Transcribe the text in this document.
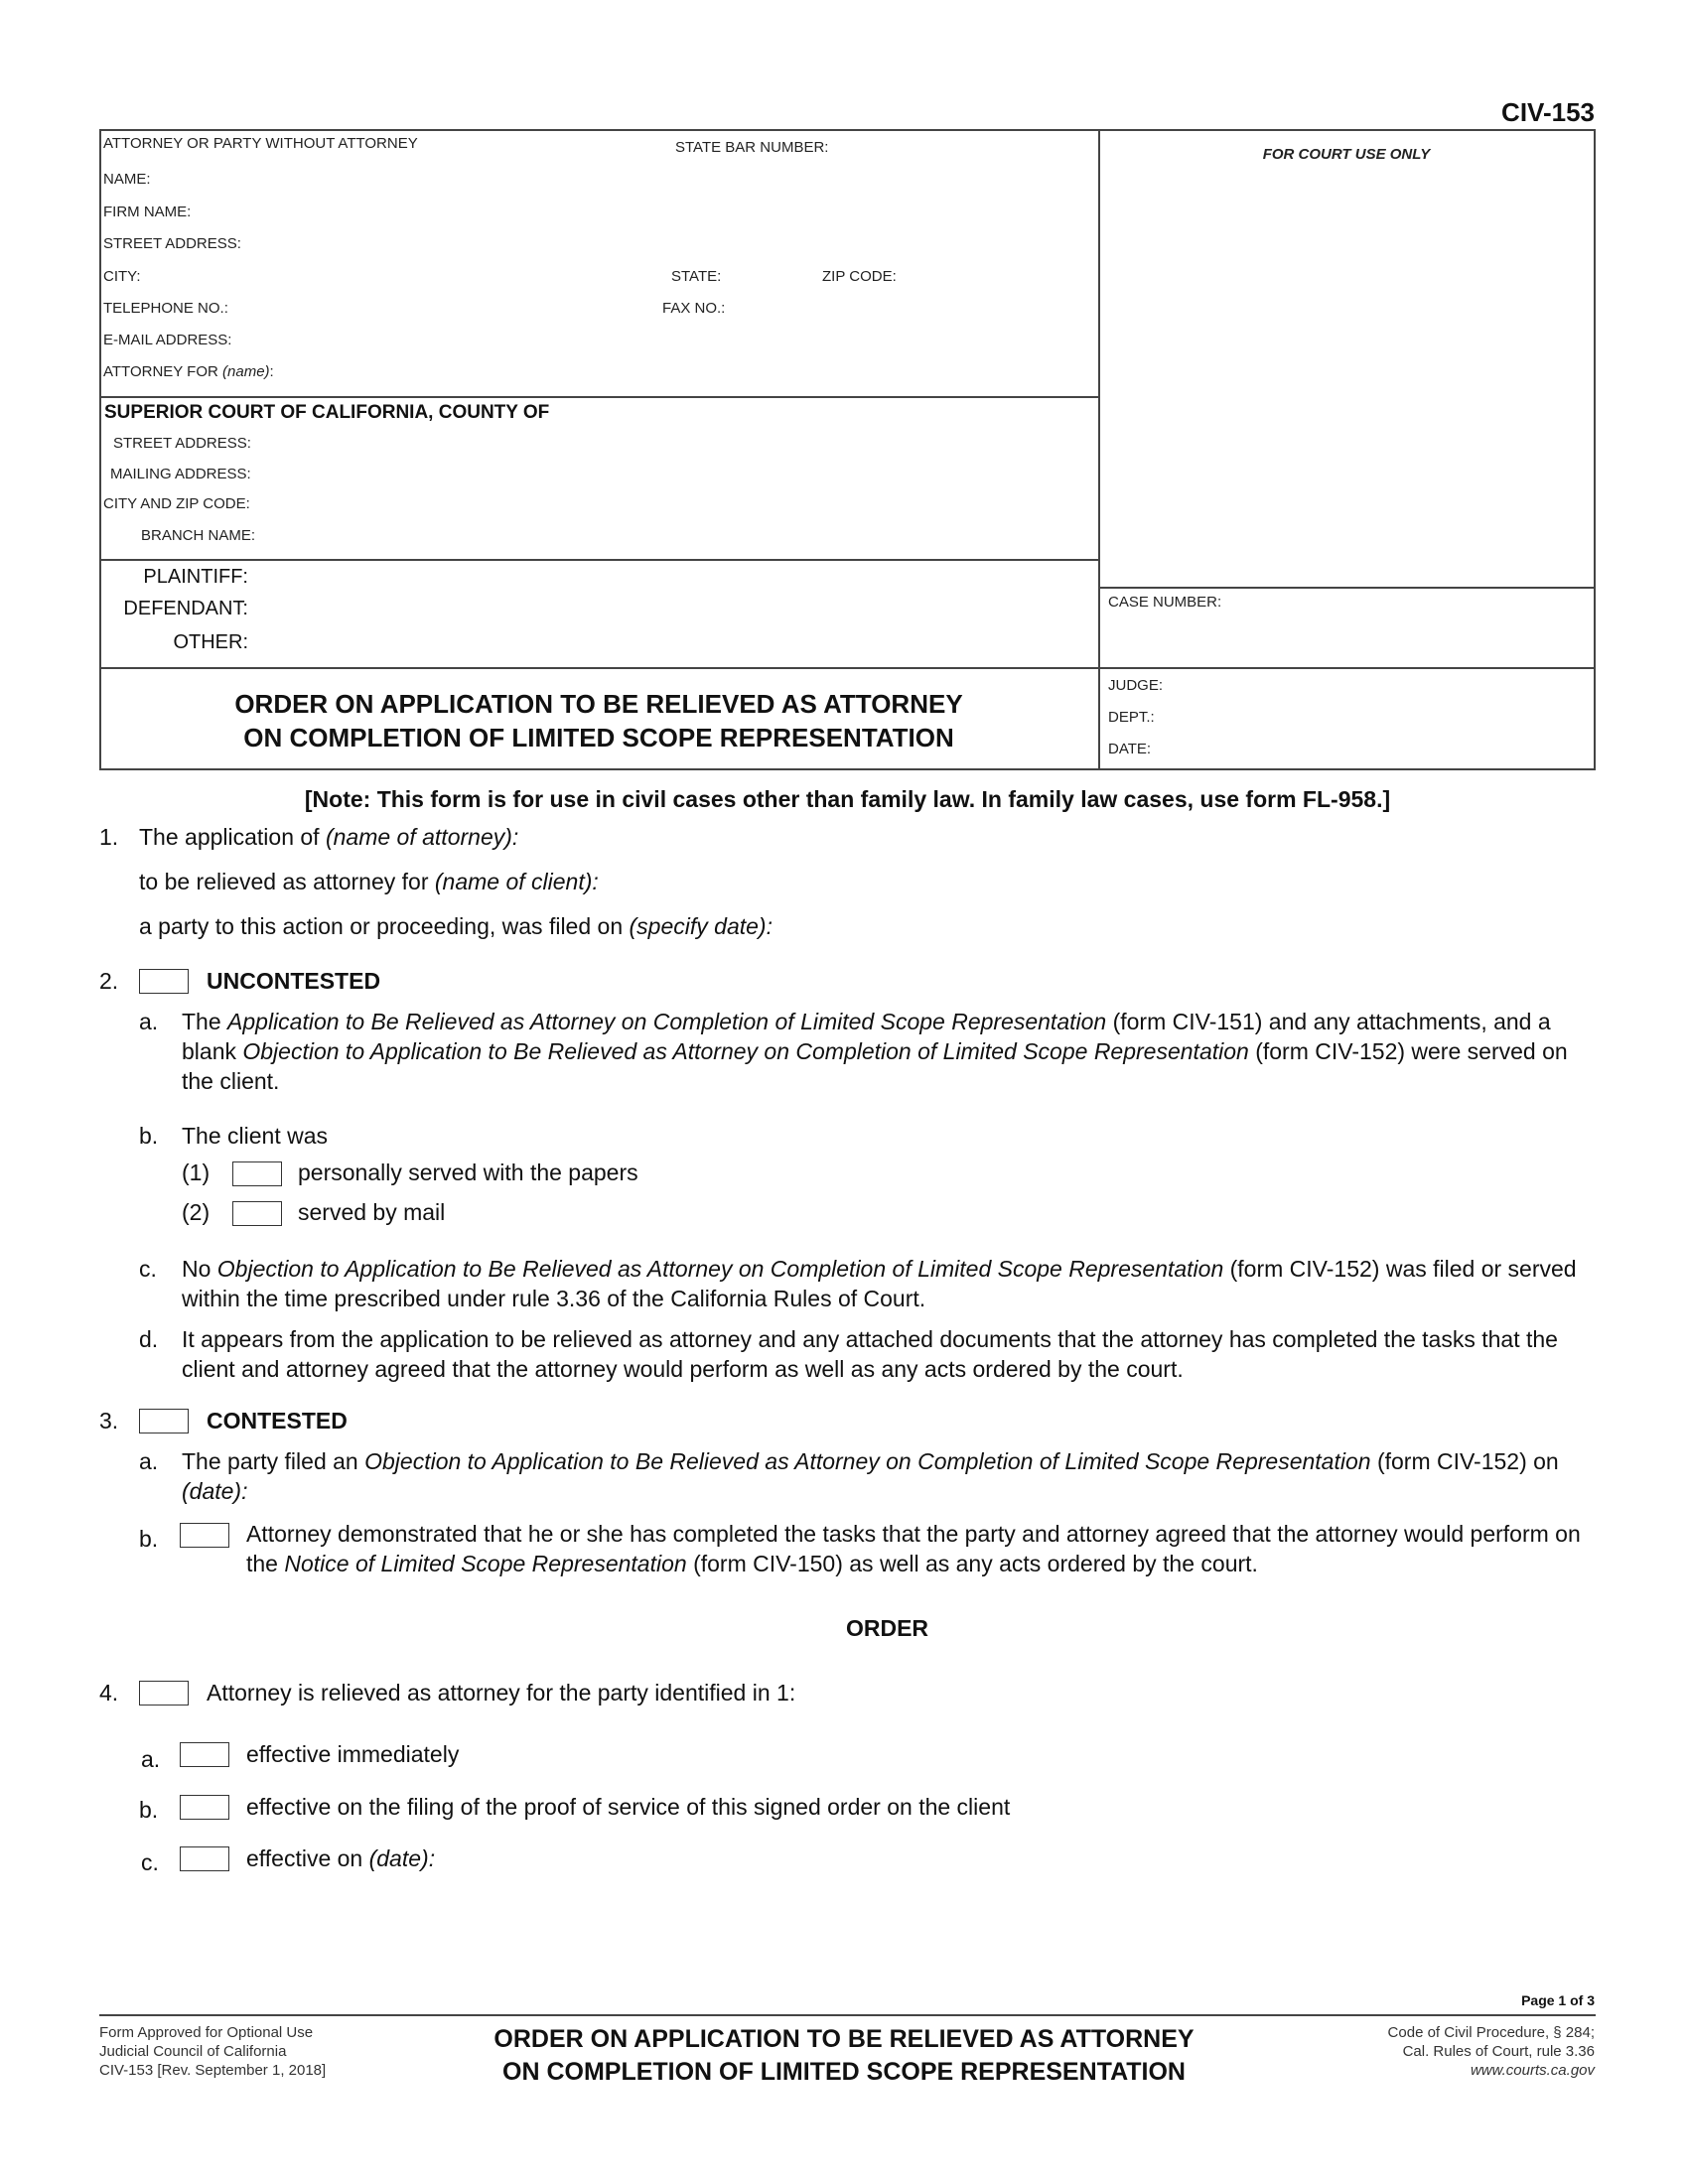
CIV-153
ATTORNEY OR PARTY WITHOUT ATTORNEY	STATE BAR NUMBER:	FOR COURT USE ONLY
NAME:
FIRM NAME:
STREET ADDRESS:
CITY:	STATE:	ZIP CODE:
TELEPHONE NO.:	FAX NO.:
E-MAIL ADDRESS:
ATTORNEY FOR (name):
SUPERIOR COURT OF CALIFORNIA, COUNTY OF
STREET ADDRESS:
MAILING ADDRESS:
CITY AND ZIP CODE:
BRANCH NAME:
PLAINTIFF:
DEFENDANT:
OTHER:
CASE NUMBER:
ORDER ON APPLICATION TO BE RELIEVED AS ATTORNEY
ON COMPLETION OF LIMITED SCOPE REPRESENTATION
JUDGE:
DEPT.:
DATE:
[Note: This form is for use in civil cases other than family law. In family law cases, use form FL-958.]
1. The application of (name of attorney):
to be relieved as attorney for (name of client):
a party to this action or proceeding, was filed on (specify date):
2.	UNCONTESTED
a. The Application to Be Relieved as Attorney on Completion of Limited Scope Representation (form CIV-151) and any attachments, and a blank Objection to Application to Be Relieved as Attorney on Completion of Limited Scope Representation (form CIV-152) were served on the client.
b. The client was
(1)	personally served with the papers
(2)	served by mail
c. No Objection to Application to Be Relieved as Attorney on Completion of Limited Scope Representation (form CIV-152) was filed or served within the time prescribed under rule 3.36 of the California Rules of Court.
d. It appears from the application to be relieved as attorney and any attached documents that the attorney has completed the tasks that the client and attorney agreed that the attorney would perform as well as any acts ordered by the court.
3.	CONTESTED
a. The party filed an Objection to Application to Be Relieved as Attorney on Completion of Limited Scope Representation (form CIV-152) on (date):
b.	Attorney demonstrated that he or she has completed the tasks that the party and attorney agreed that the attorney would perform on the Notice of Limited Scope Representation (form CIV-150) as well as any acts ordered by the court.
ORDER
4.	Attorney is relieved as attorney for the party identified in 1:
a.	effective immediately
b.	effective on the filing of the proof of service of this signed order on the client
c.	effective on (date):
Page 1 of 3
Form Approved for Optional Use
Judicial Council of California
CIV-153 [Rev. September 1, 2018]
ORDER ON APPLICATION TO BE RELIEVED AS ATTORNEY
ON COMPLETION OF LIMITED SCOPE REPRESENTATION
Code of Civil Procedure, § 284;
Cal. Rules of Court, rule 3.36
www.courts.ca.gov
